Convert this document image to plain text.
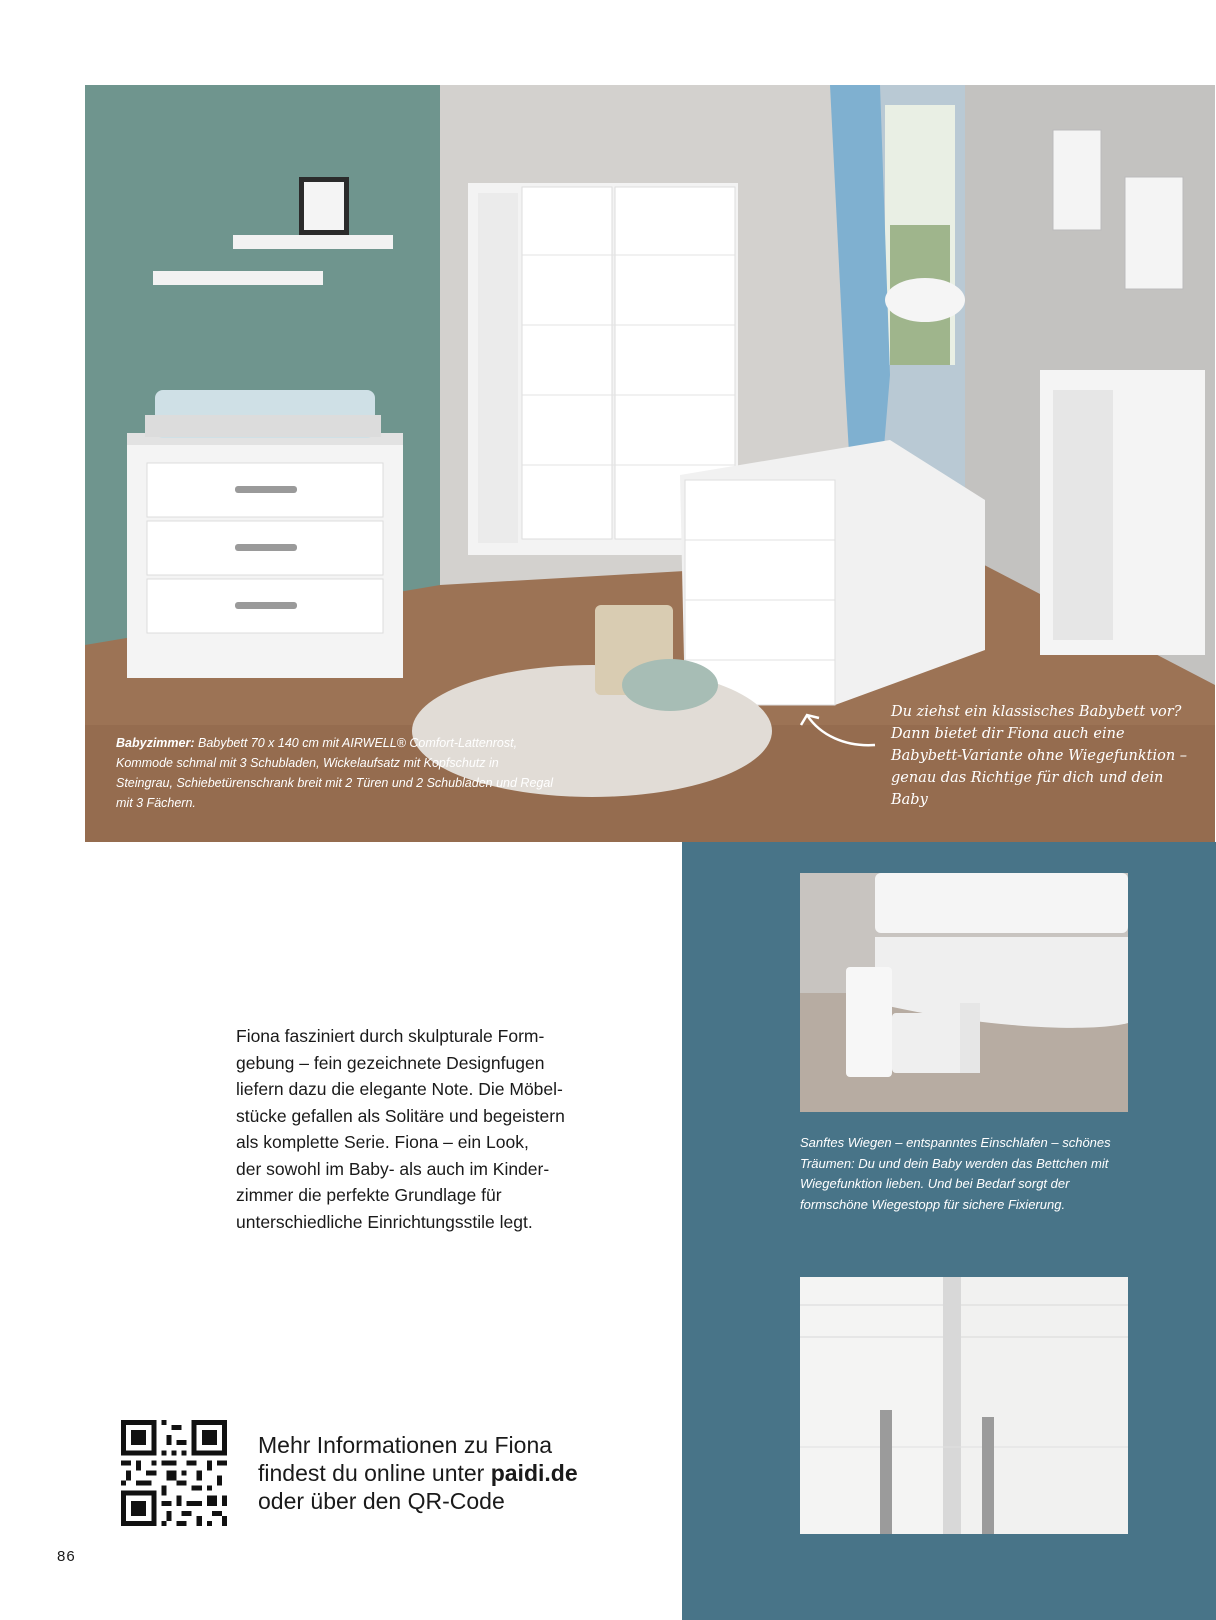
Babyzimmer: Babybett 70 x 140 cm mit AIRWELL® Comfort-Lattenrost, Kommode schmal mit 3 Schubladen, Wickelaufsatz mit Kopfschutz in Steingrau, Schiebetürenschrank breit mit 2 Türen und 2 Schubladen und Regal mit 3 Fächern.
Du ziehst ein klassisches Babybett vor? Dann bietet dir Fiona auch eine Babybett-Variante ohne Wiegefunktion – genau das Richtige für dich und dein Baby
Sanftes Wiegen – entspanntes Einschlafen – schönes Träumen: Du und dein Baby werden das Bettchen mit Wiegefunktion lieben. Und bei Bedarf sorgt der formschöne Wiegestopp für sichere Fixierung.
Fiona fasziniert durch skulpturale Form-
gebung – fein gezeichnete Designfugen
liefern dazu die elegante Note. Die Möbel-
stücke gefallen als Solitäre und begeistern
als komplette Serie. Fiona – ein Look,
der sowohl im Baby- als auch im Kinder-
zimmer die perfekte Grundlage für
unterschiedliche Einrichtungsstile legt.
Mehr Informationen zu Fiona
findest du online unter paidi.de
oder über den QR-Code
86
